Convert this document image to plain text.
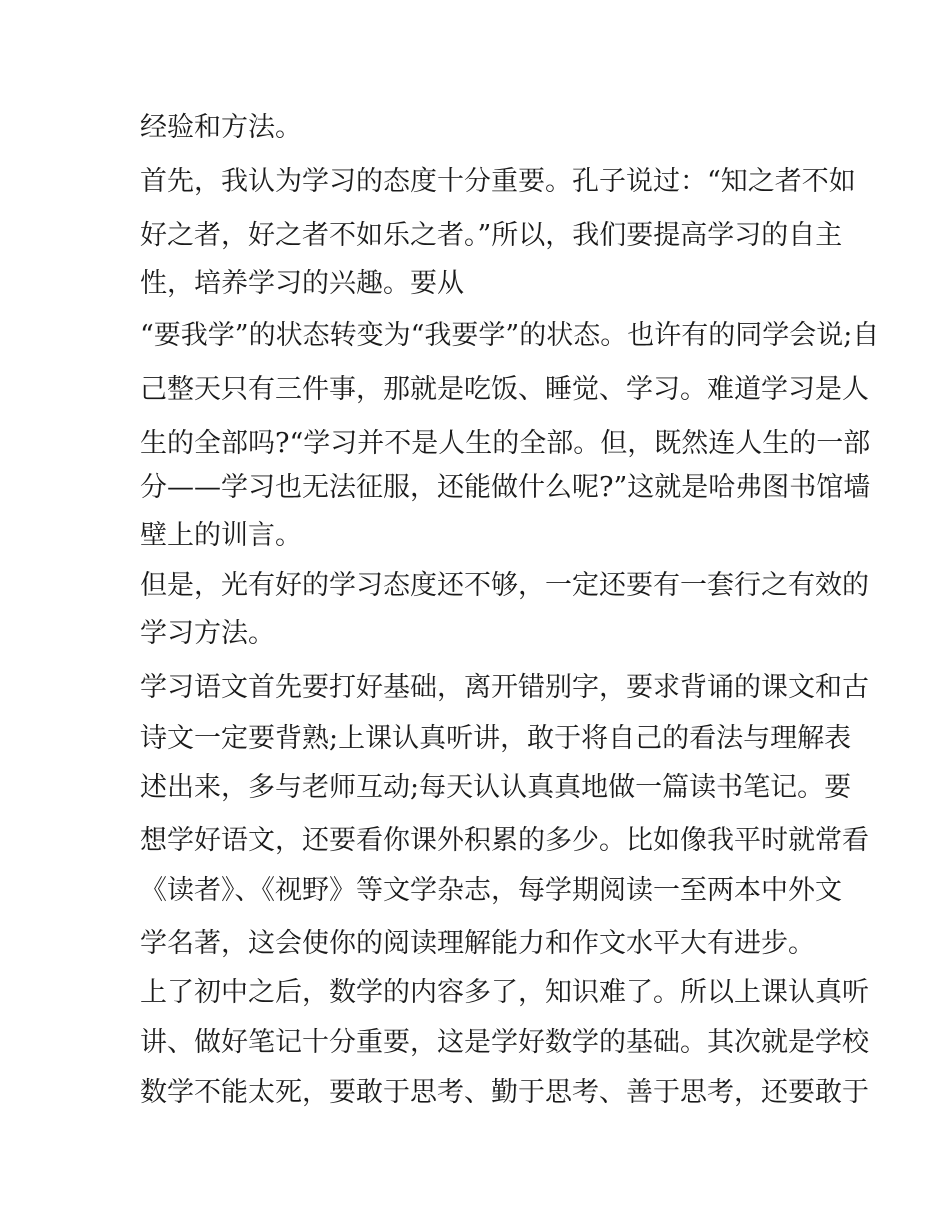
经验和方法。
首先，我认为学习的态度十分重要。孔子说过：“知之者不如
好之者，好之者不如乐之者。”所以，我们要提高学习的自主
性，培养学习的兴趣。要从
“要我学”的状态转变为“我要学”的状态。也许有的同学会说;自
己整天只有三件事，那就是吃饭、睡觉、学习。难道学习是人
生的全部吗?“学习并不是人生的全部。但，既然连人生的一部
分——学习也无法征服，还能做什么呢?”这就是哈弗图书馆墙
壁上的训言。
但是，光有好的学习态度还不够，一定还要有一套行之有效的
学习方法。
学习语文首先要打好基础，离开错别字，要求背诵的课文和古
诗文一定要背熟;上课认真听讲，敢于将自己的看法与理解表
述出来，多与老师互动;每天认认真真地做一篇读书笔记。要
想学好语文，还要看你课外积累的多少。比如像我平时就常看
《读者》、《视野》等文学杂志，每学期阅读一至两本中外文
学名著，这会使你的阅读理解能力和作文水平大有进步。
上了初中之后，数学的内容多了，知识难了。所以上课认真听
讲、做好笔记十分重要，这是学好数学的基础。其次就是学校
数学不能太死，要敢于思考、勤于思考、善于思考，还要敢于
